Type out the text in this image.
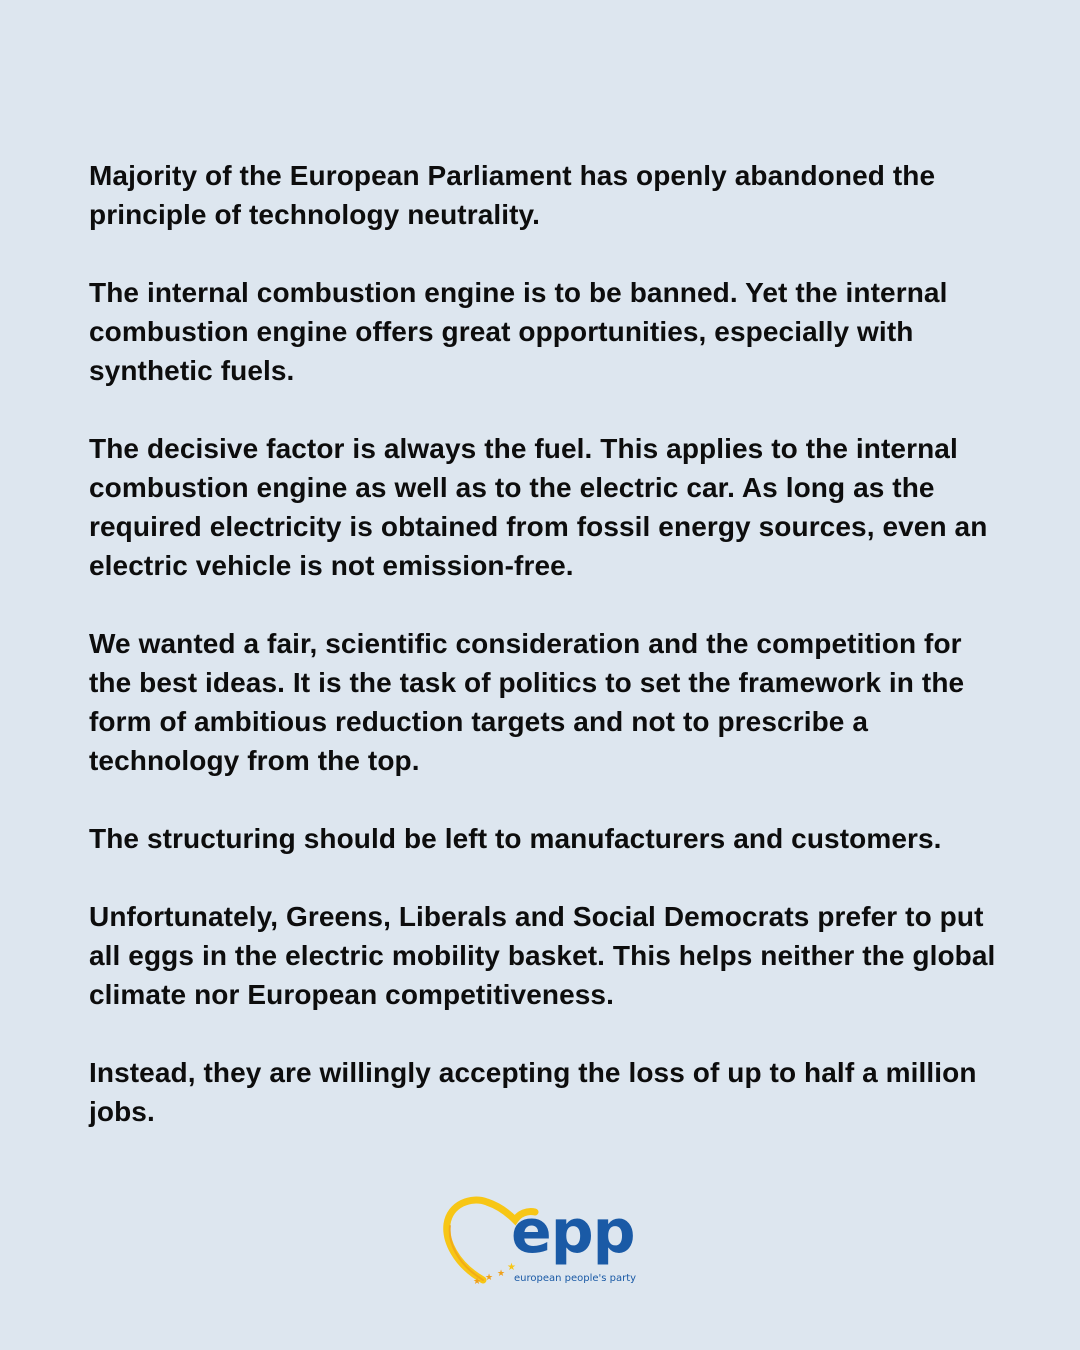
Majority of the European Parliament has openly abandoned the principle of technology neutrality.

The internal combustion engine is to be banned. Yet the internal combustion engine offers great opportunities, especially with synthetic fuels.

The decisive factor is always the fuel. This applies to the internal combustion engine as well as to the electric car. As long as the required electricity is obtained from fossil energy sources, even an electric vehicle is not emission-free.

We wanted a fair, scientific consideration and the competition for the best ideas. It is the task of politics to set the framework in the form of ambitious reduction targets and not to prescribe a technology from the top.

The structuring should be left to manufacturers and customers.

Unfortunately, Greens, Liberals and Social Democrats prefer to put all eggs in the electric mobility basket. This helps neither the global climate nor European competitiveness.

Instead, they are willingly accepting the loss of up to half a million jobs.

★ ★ ★
★
epp
european people's party
